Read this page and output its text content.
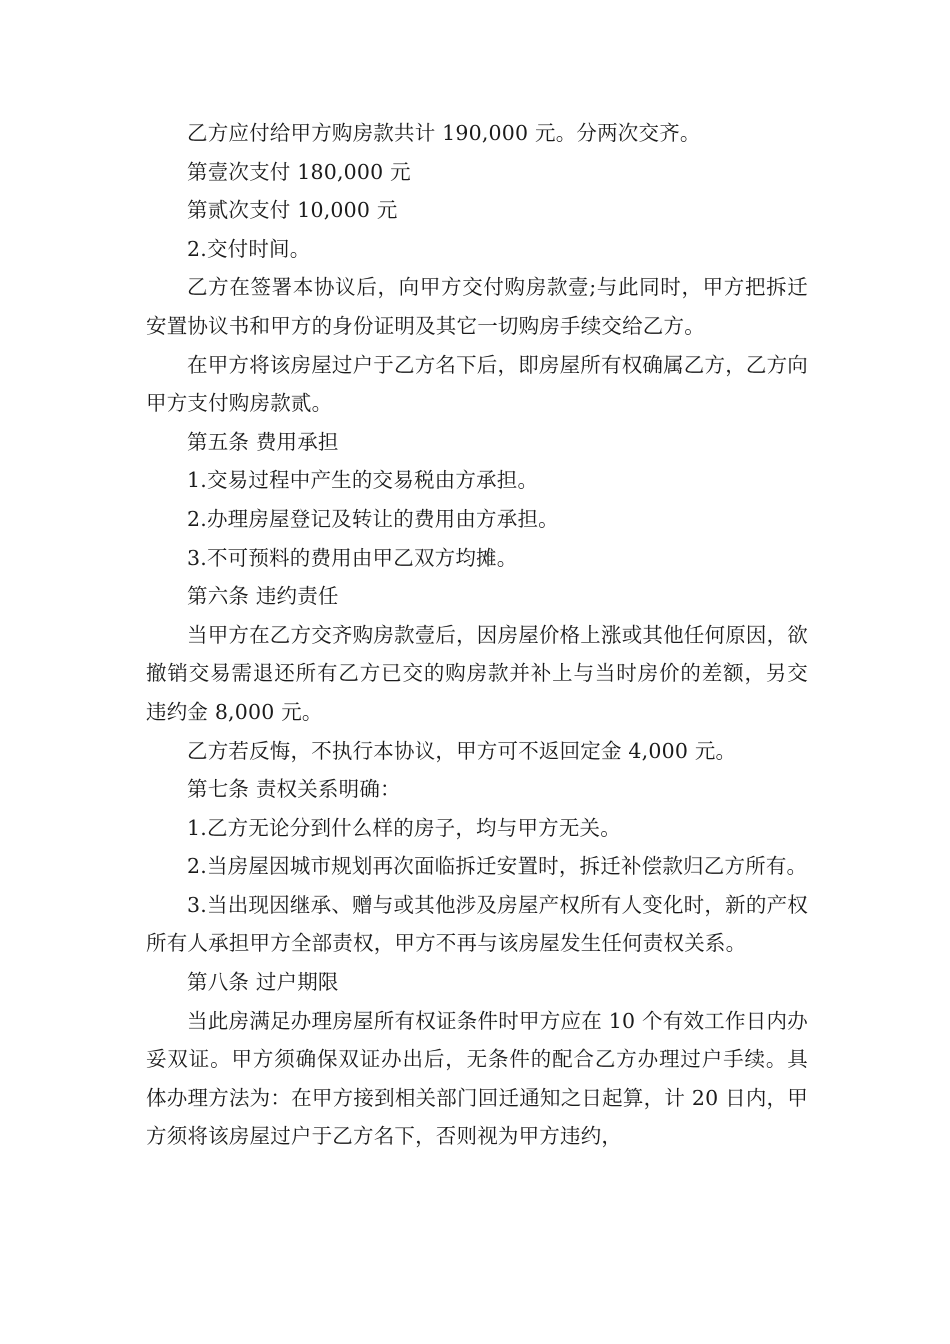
乙方应付给甲方购房款共计 190,000 元。分两次交齐。

第壹次支付 180,000 元

第贰次支付 10,000 元

2.交付时间。

乙方在签署本协议后，向甲方交付购房款壹;与此同时，甲方把拆迁安置协议书和甲方的身份证明及其它一切购房手续交给乙方。

在甲方将该房屋过户于乙方名下后，即房屋所有权确属乙方，乙方向甲方支付购房款贰。

第五条 费用承担

1.交易过程中产生的交易税由方承担。

2.办理房屋登记及转让的费用由方承担。

3.不可预料的费用由甲乙双方均摊。

第六条 违约责任

当甲方在乙方交齐购房款壹后，因房屋价格上涨或其他任何原因，欲撤销交易需退还所有乙方已交的购房款并补上与当时房价的差额，另交违约金 8,000 元。

乙方若反悔，不执行本协议，甲方可不返回定金 4,000 元。

第七条 责权关系明确：

1.乙方无论分到什么样的房子，均与甲方无关。

2.当房屋因城市规划再次面临拆迁安置时，拆迁补偿款归乙方所有。

3.当出现因继承、赠与或其他涉及房屋产权所有人变化时，新的产权所有人承担甲方全部责权，甲方不再与该房屋发生任何责权关系。

第八条 过户期限

当此房满足办理房屋所有权证条件时甲方应在 10 个有效工作日内办妥双证。甲方须确保双证办出后，无条件的配合乙方办理过户手续。具体办理方法为：在甲方接到相关部门回迁通知之日起算，计 20 日内，甲方须将该房屋过户于乙方名下，否则视为甲方违约，
